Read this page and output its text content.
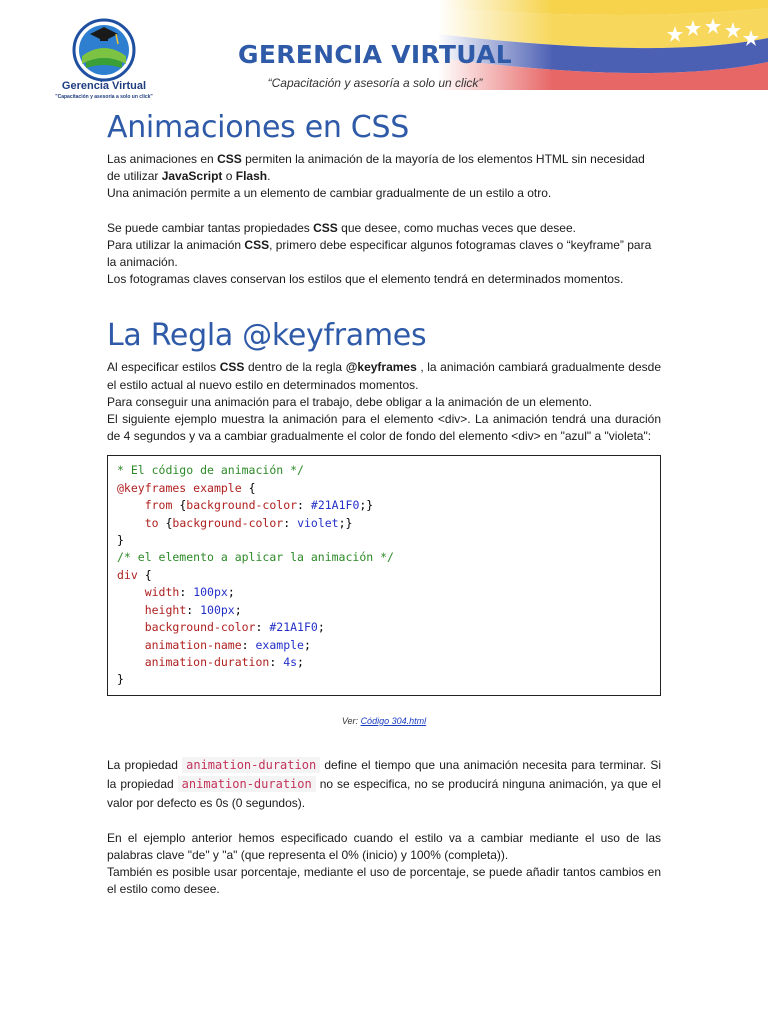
Gerencia Virtual
"Capacitación y asesoría a solo un click"
GERENCIA VIRTUAL
“Capacitación y asesoría a solo un click”
Animaciones en CSS

Las animaciones en CSS permiten la animación de la mayoría de los elementos HTML sin necesidad de utilizar JavaScript o Flash.

Una animación permite a un elemento de cambiar gradualmente de un estilo a otro.

Se puede cambiar tantas propiedades CSS que desee, como muchas veces que desee.

Para utilizar la animación CSS, primero debe especificar algunos fotogramas claves o “keyframe” para la animación.

Los fotogramas claves conservan los estilos que el elemento tendrá en determinados momentos.

La Regla @keyframes

Al especificar estilos CSS dentro de la regla @keyframes , la animación cambiará gradualmente desde el estilo actual al nuevo estilo en determinados momentos.

Para conseguir una animación para el trabajo, debe obligar a la animación de un elemento.

El siguiente ejemplo muestra la animación para el elemento <div>. La animación tendrá una duración de 4 segundos y va a cambiar gradualmente el color de fondo del elemento <div> en "azul" a "violeta":

* El código de animación */
@keyframes example {
from {background-color: #21A1F0;}
to {background-color: violet;}
}
/* el elemento a aplicar la animación */
div {
width: 100px;
height: 100px;
background-color: #21A1F0;
animation-name: example;
animation-duration: 4s;
}
Ver: Código 304.html

La propiedad animation-duration define el tiempo que una animación necesita para terminar. Si la propiedad animation-duration no se especifica, no se producirá ninguna animación, ya que el valor por defecto es 0s (0 segundos).

En el ejemplo anterior hemos especificado cuando el estilo va a cambiar mediante el uso de las palabras clave "de" y "a" (que representa el 0% (inicio) y 100% (completa)).

También es posible usar porcentaje, mediante el uso de porcentaje, se puede añadir tantos cambios en el estilo como desee.
